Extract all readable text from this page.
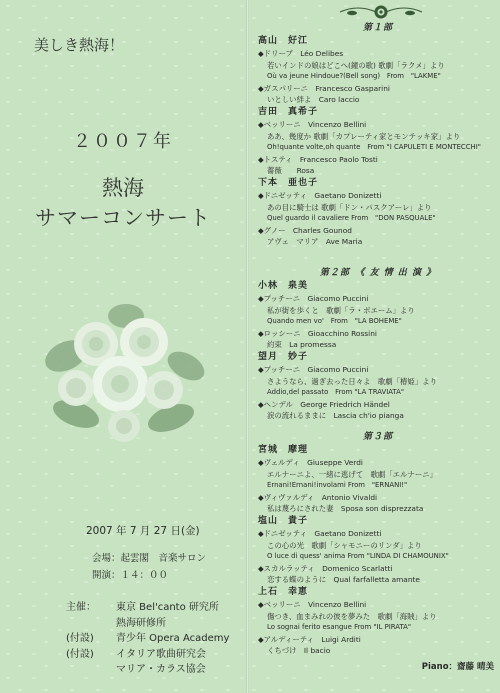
美しき熱海！
２００７年
熱海
サマーコンサート
2007 年 7 月 27 日(金)
会場：起雲閣　音楽サロン
開演：１４：００
主催：	東京 Bel'canto 研究所
熱海研修所
(付設)	青少年 Opera Academy
(付設)	イタリア歌曲研究会
マリア・カラス協会
第１部
高山　好江
◆ドリーブ　Léo Delibes
若いインドの娘はどこへ(鐘の歌) 歌劇「ラクメ」より
Où va jeune Hindoue?(Bell song)　From　"LAKME"
◆ガスパリーニ　Francesco Gasparini
いとしい絆よ　Caro laccio
吉田　真希子
◆ベッリーニ　Vincenzo Bellini
ああ、幾度か 歌劇「カプレーティ家とモンテッキ家」より
Oh!quante volte,oh quante　From "I CAPULETI E MONTECCHI"
◆トスティ　Francesco Paolo Tosti
薔薇　　Rosa
下本　亜也子
◆ドニゼッティ　Gaetano Donizetti
あの目に騎士は 歌劇「ドン・パスクアーレ」より
Quel guardo il cavaliere From　"DON PASQUALE"
◆グノー　Charles Gounod
アヴェ　マリア　Ave Maria
第２部　《 友 情 出 演 》
小林　泉美
◆プッチーニ　Giacomo Puccini
私が街を歩くと　歌劇「ラ・ボエーム」より
Quando men vo'　From　"LA BOHEME"
◆ロッシーニ　Gioacchino Rossini
約束　La promessa
望月　妙子
◆プッチーニ　Giacomo Puccini
さようなら、過ぎ去った日々よ　歌劇「椿姫」より
Addio,del passato　From "LA TRAVIATA"
◆ヘンデル　George Friedrich Händel
涙の流れるままに　Lascia ch'io pianga
第３部
宮城　摩理
◆ヴェルディ　Giuseppe Verdi
エルナーニよ、一緒に逃げて　歌劇「エルナーニ」
Ernani!Ernani!involami From　"ERNANI!"
◆ヴィヴァルディ　Antonio Vivaldi
私は蔑ろにされた妻　Sposa son disprezzata
塩山　貴子
◆ドニゼッティ　Gaetano Donizetti
この心の光　歌劇「シャモニーのリンダ」より
O luce di quess' anima From "LINDA DI CHAMOUNIX"
◆スカルラッティ　Domenico Scarlatti
恋する蝶のように　Qual farfalletta amante
上石　幸恵
◆ベッリーニ　Vincenzo Bellini
傷つき、血まみれの彼を夢みた　歌劇「海賊」より
Lo sognai ferito esangue From "IL PIRATA"
◆アルディーティ　Luigi Arditi
くちづけ　Il bacio
Piano：齋藤 晴美
